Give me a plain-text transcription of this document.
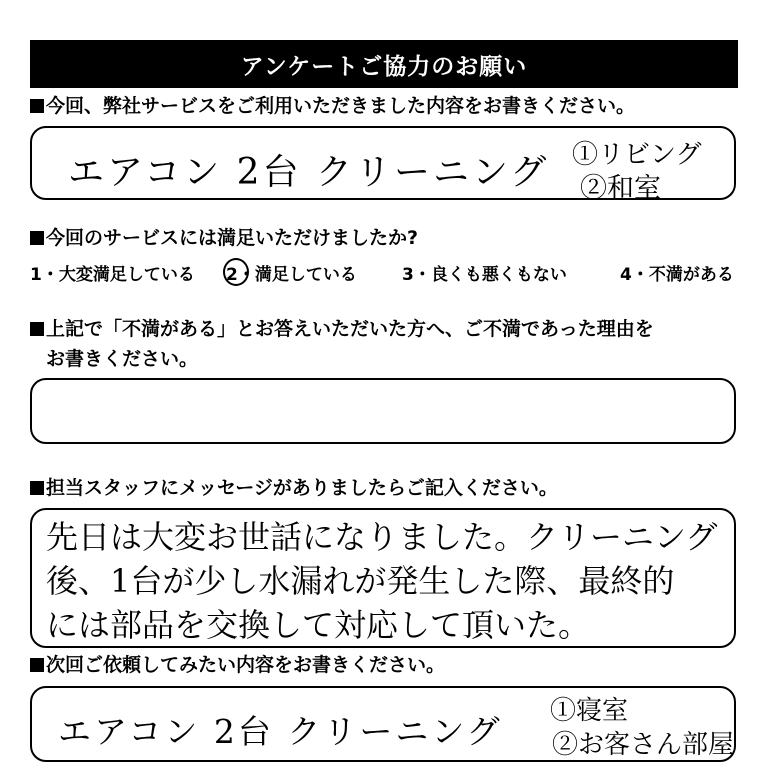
アンケートご協力のお願い
今回、弊社サービスをご利用いただきました内容をお書きください。
エアコン 2台 クリーニング ①リビング
②和室
今回のサービスには満足いただけましたか?
1・大変満足している 2・満足している	3・良くも悪くもない	4・不満がある
上記で「不満がある」とお答えいただいた方へ、ご不満であった理由を
お書きください。
担当スタッフにメッセージがありましたらご記入ください。
先日は大変お世話になりました。クリーニング
後、1台が少し水漏れが発生した際、最終的
には部品を交換して対応して頂いた。
次回ご依頼してみたい内容をお書きください。
エアコン 2台 クリーニング
①寝室
②お客さん部屋
